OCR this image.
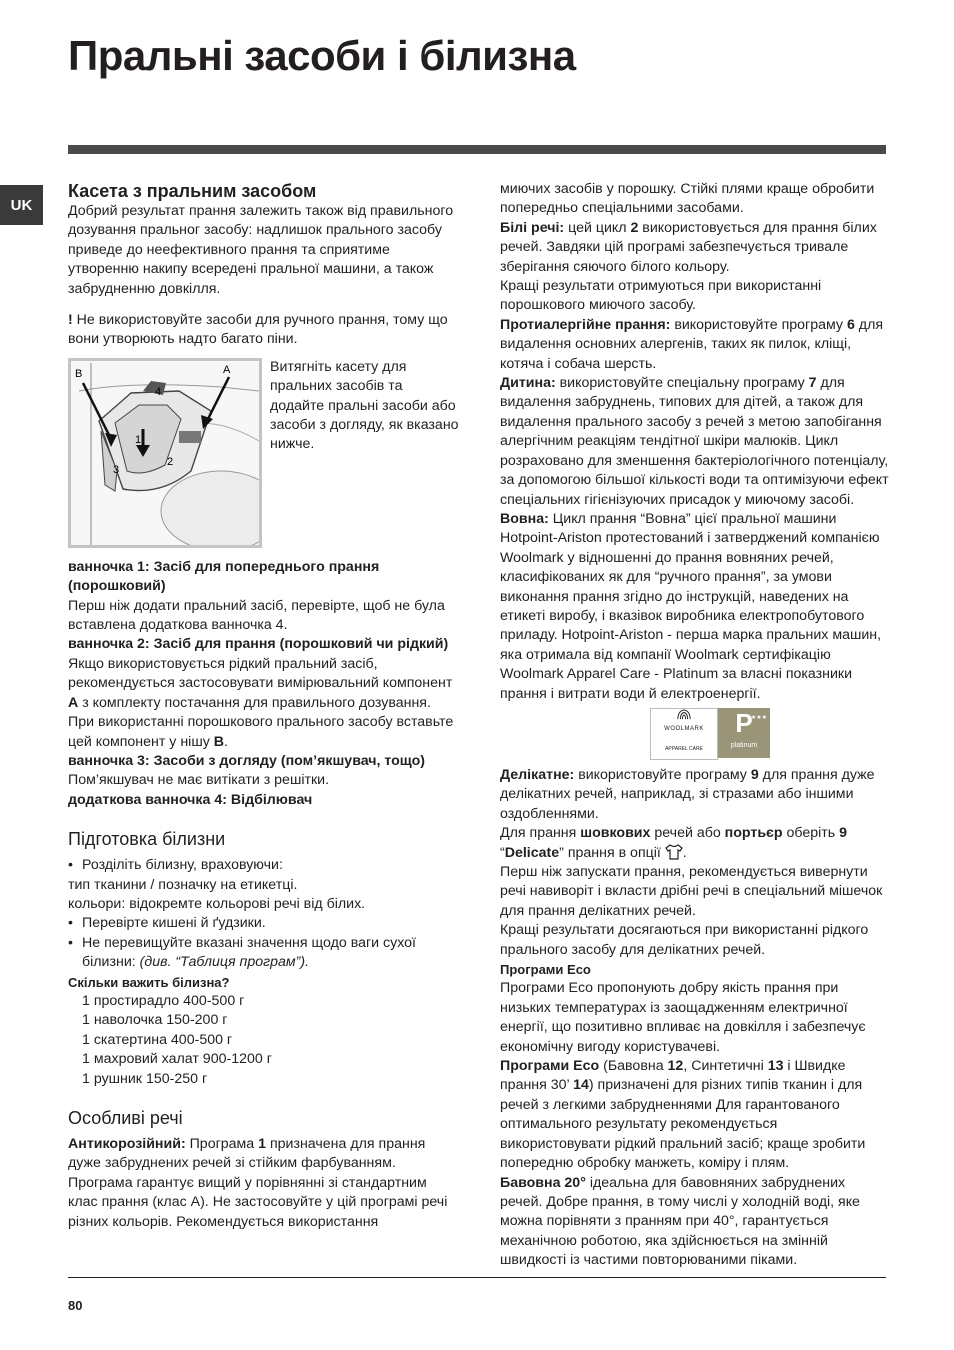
Пральні засоби і білизна
UK
Касета з пральним засобом

Добрий результат прання залежить також від правильного дозування пральног засобу: надлишок прального засобу приведе до неефективного прання та сприятиме утворенню накипу всередені пральної машини, а також забрудненню довкілля.

! Не використовуйте засоби для ручного прання, тому що вони утворюють надто багато піни.

B	A
4
1
2
3

Витягніть касету для пральних засобів та додайте пральні засоби або засоби з догляду, як вказано нижче.

ванночка 1: Засіб для попереднього прання (порошковий)

Перш ніж додати пральний засіб, перевірте, щоб не була вставлена додаткова ванночка 4.

ванночка 2: Засіб для прання (порошковий чи рідкий)

Якщо використовується рідкий пральний засіб, рекомендується застосовувати вимірювальний компонент A з комплекту постачання для правильного дозування. При використанні порошкового прального засобу вставьте цей компонент у нішу B.

ванночка 3: Засоби з догляду (пом’якшувач, тощо)

Пом’якшувач не має витікати з решітки.

додаткова ванночка 4: Відбілювач

Підготовка білизни
• Розділіть білизну, враховуючи:

тип тканини / позначку на етикетці.

кольори: відокремте кольорові речі від білих.

• Перевірте кишені й ґудзики.
• Не перевищуйте вказані значення щодо ваги сухої білизни: (див. “Таблиця програм”).

Скільки важить білизна?

1 простирадло 400-500 г

1 наволочка 150-200 г

1 скатертина 400-500 г

1 махровий халат 900-1200 г

1 рушник 150-250 г

Особливі речі

Антикорозійний: Програма 1 призначена для прання дуже забруднених речей зі стійким фарбуванням. Програма гарантує вищий у порівнянні зі стандартним клас прання (клас A). Не застосовуйте у цій програмі речі різних кольорів. Рекомендується використання

миючих засобів у порошку. Стійкі плями краще обробити попередньо спеціальними засобами.

Білі речі: цей цикл 2 використовується для прання білих речей. Завдяки цій програмі забезпечується тривале зберігання сяючого білого кольору.

Кращі результати отримуються при використанні порошкового миючого засобу.

Протиалергійне прання: використовуйте програму 6 для видалення основних алергенів, таких як пилок, кліщі, котяча і собача шерсть.

Дитина: використовуйте спеціальну програму 7 для видалення забруднень, типових для дітей, а також для видалення прального засобу з речей з метою запобігання алергічним реакціям тендітної шкіри малюків. Цикл розраховано для зменшення бактеріологічного потенціалу, за допомогою більшої кількості води та оптимізуючи ефект спеціальних гігієнізуючих присадок у миючому засобі.

Вовна: Цикл прання “Вовна” цієї пральної машини Hotpoint-Ariston протестований і затверджений компанією Woolmark у відношенні до прання вовняних речей, класифікованих як для “ручного прання”, за умови виконання прання згідно до інструкцій, наведених на етикеті виробу, і вказівок виробника електропобутового приладу. Hotpoint-Ariston - перша марка пральних машин, яка отримала від компанії Woolmark сертифікацію Woolmark Apparel Care - Platinum за власні показники прання і витрати води й електроенергії.

WOOLMARK
APPAREL CARE
★★★
P
platinum

Делікатне: використовуйте програму 9 для прання дуже делікатних речей, наприклад, зі стразами або іншими оздобленнями.

Для прання шовкових речей або портьєр оберіть 9
“Delicate” прання в опції .

Перш ніж запускати прання, рекомендується вивернути речі навиворіт і вкласти дрібні речі в спеціальний мішечок для прання делікатних речей.

Кращі результати досягаються при використанні рідкого прального засобу для делікатних речей.

Програми Eco

Програми Eco пропонують добру якість прання при низьких температурах із заощадженням електричної енергії, що позитивно впливає на довкілля і забезпечує економічну вигоду користувачеві.

Програми Eco (Бавовна 12, Синтетичні 13 і Швидке прання 30’ 14) призначені для різних типів тканин і для речей з легкими забрудненнями Для гарантованого оптимального результату рекомендується використовувати рідкий пральний засіб; краще зробити попередню обробку манжеть, коміру і плям.

Бавовна 20° ідеальна для бавовняних забруднених речей. Добре прання, в тому числі у холодній воді, яке можна порівняти з пранням при 40°, гарантується механічною роботою, яка здійснюється на змінній швидкості із частими повторюваними піками.

80
